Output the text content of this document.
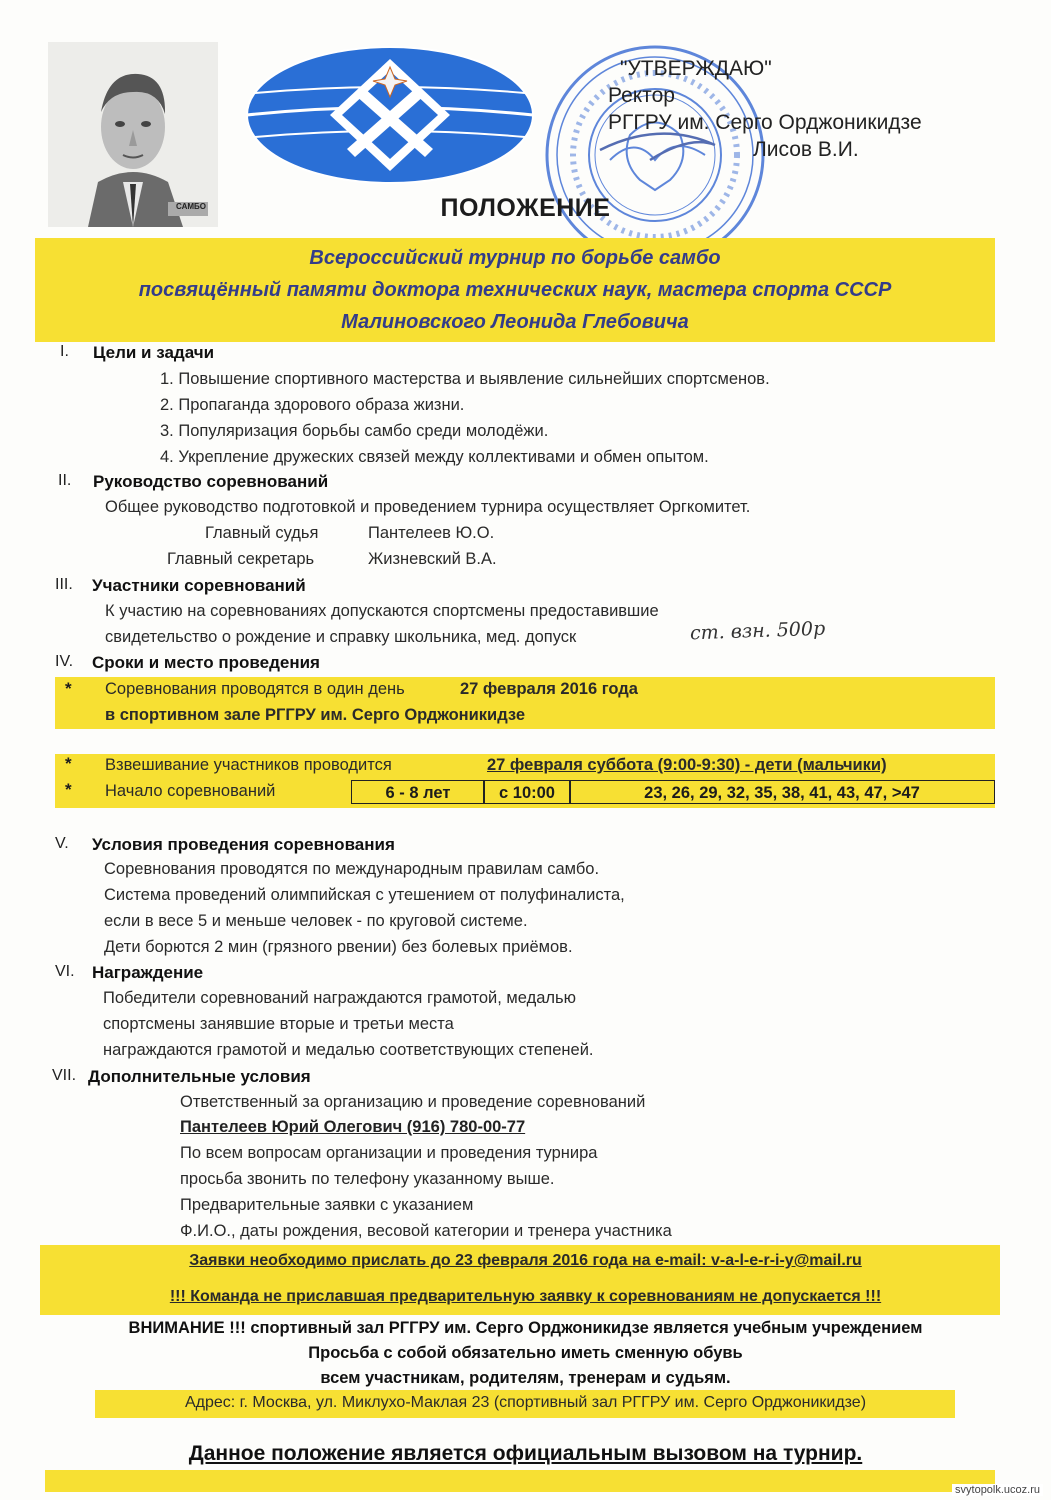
САМБО
"УТВЕРЖДАЮ"
Ректор
РГГРУ им. Серго Орджоникидзе
Лисов В.И.
ПОЛОЖЕНИЕ
Всероссийский турнир по борьбе самбо
посвящённый памяти доктора технических наук, мастера спорта СССР
Малиновского Леонида Глебовича
I. Цели и задачи
1. Повышение спортивного мастерства и выявление сильнейших спортсменов.
2. Пропаганда здорового образа жизни.
3. Популяризация борьбы самбо среди молодёжи.
4. Укрепление дружеских связей между коллективами и обмен опытом.
II. Руководство соревнований
Общее руководство подготовкой и проведением турнира осуществляет Оргкомитет.
Главный судья	Пантелеев Ю.О.
Главный секретарь	Жизневский В.А.
III. Участники соревнований
К участию на соревнованиях допускаются спортсмены предоставившие
свидетельство о рождение и справку школьника, мед. допуск	ст. взн. 500р
IV. Сроки и место проведения
* Соревнования проводятся в один день	27 февраля 2016 года
в спортивном зале РГГРУ им. Серго Орджоникидзе
* Взвешивание участников проводится	27 февраля суббота (9:00-9:30) - дети (мальчики)
* Начало соревнований	6 - 8 лет	с 10:00	23, 26, 29, 32, 35, 38, 41, 43, 47, >47
V. Условия проведения соревнования
Соревнования проводятся по международным правилам самбо.
Система проведений олимпийская с утешением от полуфиналиста,
если в весе 5 и меньше человек - по круговой системе.
Дети борются 2 мин (грязного рвении) без болевых приёмов.
VI. Награждение
Победители соревнований награждаются грамотой, медалью
спортсмены занявшие вторые и третьи места
награждаются грамотой и медалью соответствующих степеней.
VII. Дополнительные условия
Ответственный за организацию и проведение соревнований
Пантелеев Юрий Олегович (916) 780-00-77
По всем вопросам организации и проведения турнира
просьба звонить по телефону указанному выше.
Предварительные заявки с указанием
Ф.И.О., даты рождения, весовой категории и тренера участника
Заявки необходимо прислать до 23 февраля 2016 года на e-mail: v-a-l-e-r-i-y@mail.ru
!!! Команда не приславшая предварительную заявку к соревнованиям не допускается !!!
ВНИМАНИЕ !!! спортивный зал РГГРУ им. Серго Орджоникидзе является учебным учреждением
Просьба с собой обязательно иметь сменную обувь
всем участникам, родителям, тренерам и судьям.
Адрес: г. Москва, ул. Миклухо-Маклая 23 (спортивный зал РГГРУ им. Серго Орджоникидзе)
Данное положение является официальным вызовом на турнир.
svytopolk.ucoz.ru
